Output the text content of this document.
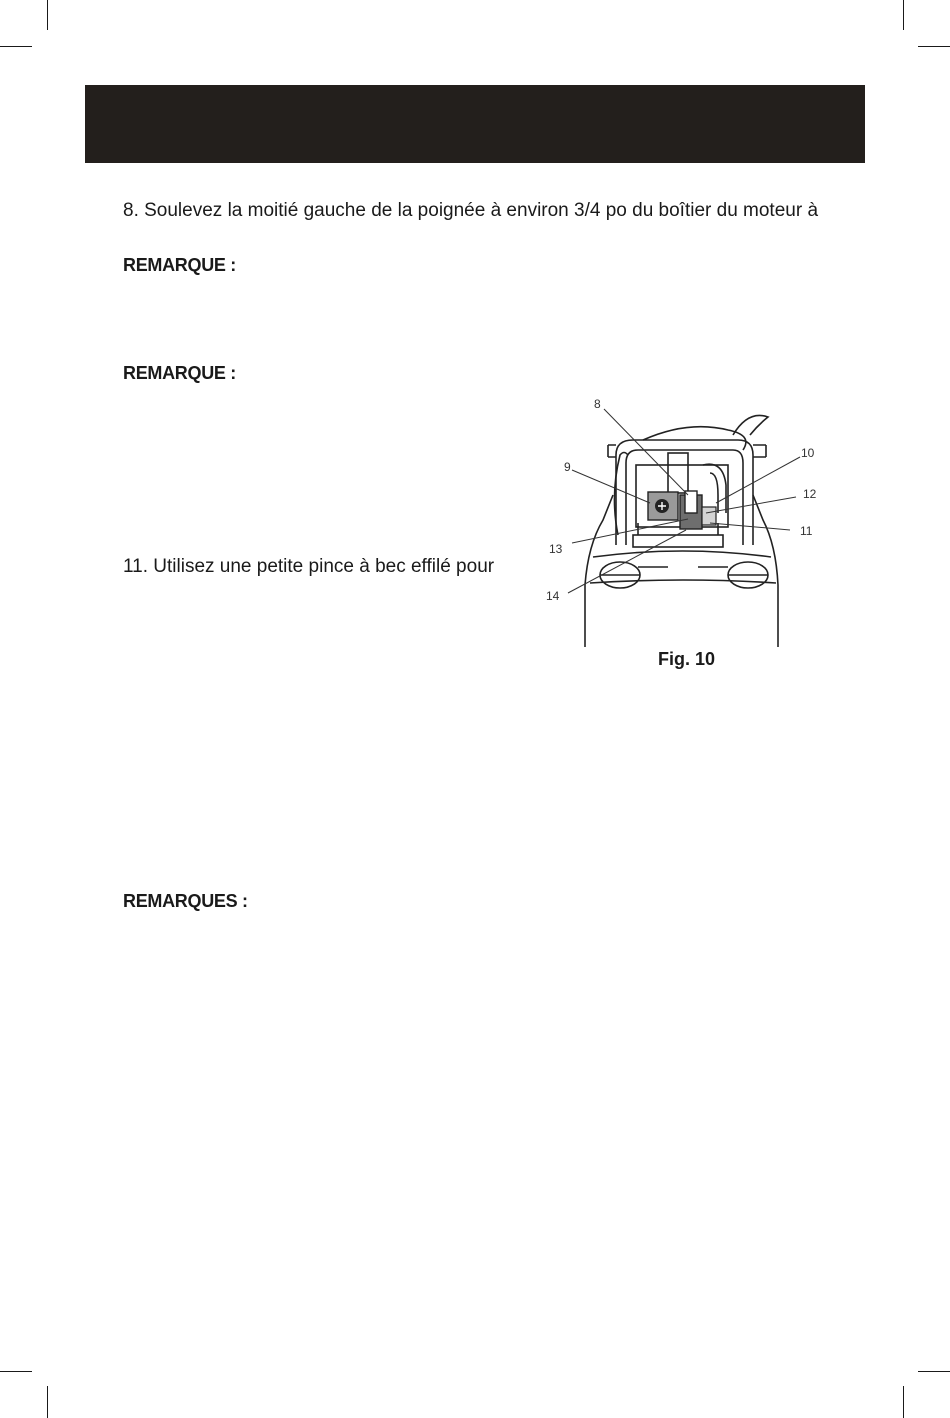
8. Soulevez la moitié gauche de la poignée à environ 3/4 po du boîtier du moteur à
REMARQUE :
REMARQUE :
11. Utilisez une petite pince à bec effilé pour
REMARQUES :
8
9
10
12
11
13
14
Fig. 10
